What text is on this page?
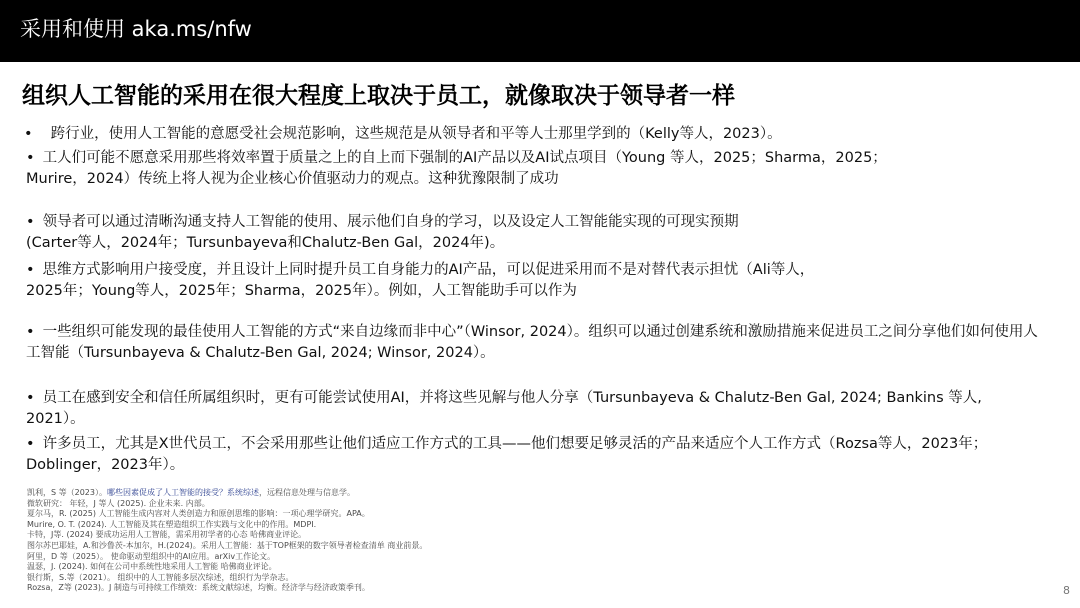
采用和使用 aka.ms/nfw
组织人工智能的采用在很大程度上取决于员工，就像取决于领导者一样
• 跨行业，使用人工智能的意愿受社会规范影响，这些规范是从领导者和平等人士那里学到的（Kelly等人，2023）。
• 工人们可能不愿意采用那些将效率置于质量之上的自上而下强制的AI产品以及AI试点项目（Young 等人，2025；Sharma，2025；Murire，2024）传统上将人视为企业核心价值驱动力的观点。这种犹豫限制了成功
• 领导者可以通过清晰沟通支持人工智能的使用、展示他们自身的学习，以及设定人工智能能实现的可现实预期(Carter等人，2024年；Tursunbayeva和Chalutz-Ben Gal，2024年)。
• 思维方式影响用户接受度，并且设计上同时提升员工自身能力的AI产品，可以促进采用而不是对替代表示担忧（Ali等人，2025年；Young等人，2025年；Sharma，2025年）。例如，人工智能助手可以作为
• 一些组织可能发现的最佳使用人工智能的方式“来自边缘而非中心”（Winsor, 2024）。组织可以通过创建系统和激励措施来促进员工之间分享他们如何使用人工智能（Tursunbayeva & Chalutz-Ben Gal, 2024; Winsor, 2024）。
• 员工在感到安全和信任所属组织时，更有可能尝试使用AI，并将这些见解与他人分享（Tursunbayeva & Chalutz-Ben Gal, 2024; Bankins 等人, 2021）。
• 许多员工，尤其是X世代员工，不会采用那些让他们适应工作方式的工具——他们想要足够灵活的产品来适应个人工作方式（Rozsa等人，2023年；Doblinger，2023年）。
凯利，S 等（2023）。哪些因素促成了人工智能的接受？系统综述，远程信息处理与信息学。
微软研究： 年轻，J 等人 (2025). 企业未来. 内部。
夏尔马，R. (2025) 人工智能生成内容对人类创造力和原创思维的影响：一项心理学研究。APA。
Murire, O. T. (2024). 人工智能及其在塑造组织工作实践与文化中的作用。MDPI.
卡特，J等. (2024) 要成功运用人工智能，需采用初学者的心态 哈佛商业评论。
图尔苏巴耶娃，A.和沙鲁茨-本加尔，H.(2024)。采用人工智能：基于TOP框架的数字领导者检查清单 商业前景。
阿里，D 等（2025）。 使命驱动型组织中的AI应用。arXiv工作论文。
温瑟，J. (2024). 如何在公司中系统性地采用人工智能 哈佛商业评论。
银行斯，S.等（2021）。 组织中的人工智能多层次综述，组织行为学杂志。
Rozsa，Z等 (2023)。J 制造与可持续工作绩效：系统文献综述，均衡。经济学与经济政策季刊。	8
